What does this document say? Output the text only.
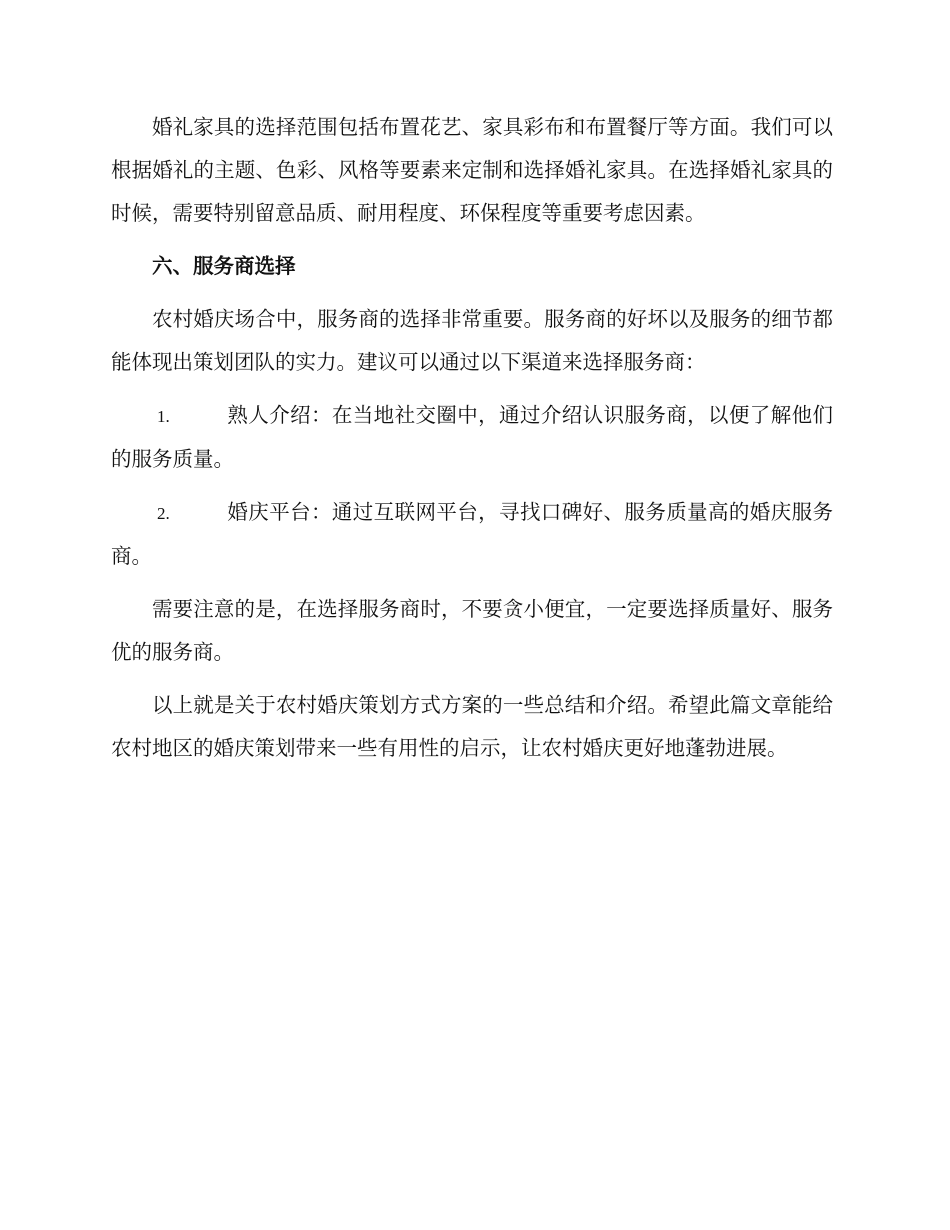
婚礼家具的选择范围包括布置花艺、家具彩布和布置餐厅等方面。我们可以根据婚礼的主题、色彩、风格等要素来定制和选择婚礼家具。在选择婚礼家具的时候，需要特别留意品质、耐用程度、环保程度等重要考虑因素。

六、服务商选择

农村婚庆场合中，服务商的选择非常重要。服务商的好坏以及服务的细节都能体现出策划团队的实力。建议可以通过以下渠道来选择服务商：

1.	熟人介绍：在当地社交圈中，通过介绍认识服务商，以便了解他们的服务质量。

2.	婚庆平台：通过互联网平台，寻找口碑好、服务质量高的婚庆服务商。

需要注意的是，在选择服务商时，不要贪小便宜，一定要选择质量好、服务优的服务商。

以上就是关于农村婚庆策划方式方案的一些总结和介绍。希望此篇文章能给农村地区的婚庆策划带来一些有用性的启示，让农村婚庆更好地蓬勃进展。
